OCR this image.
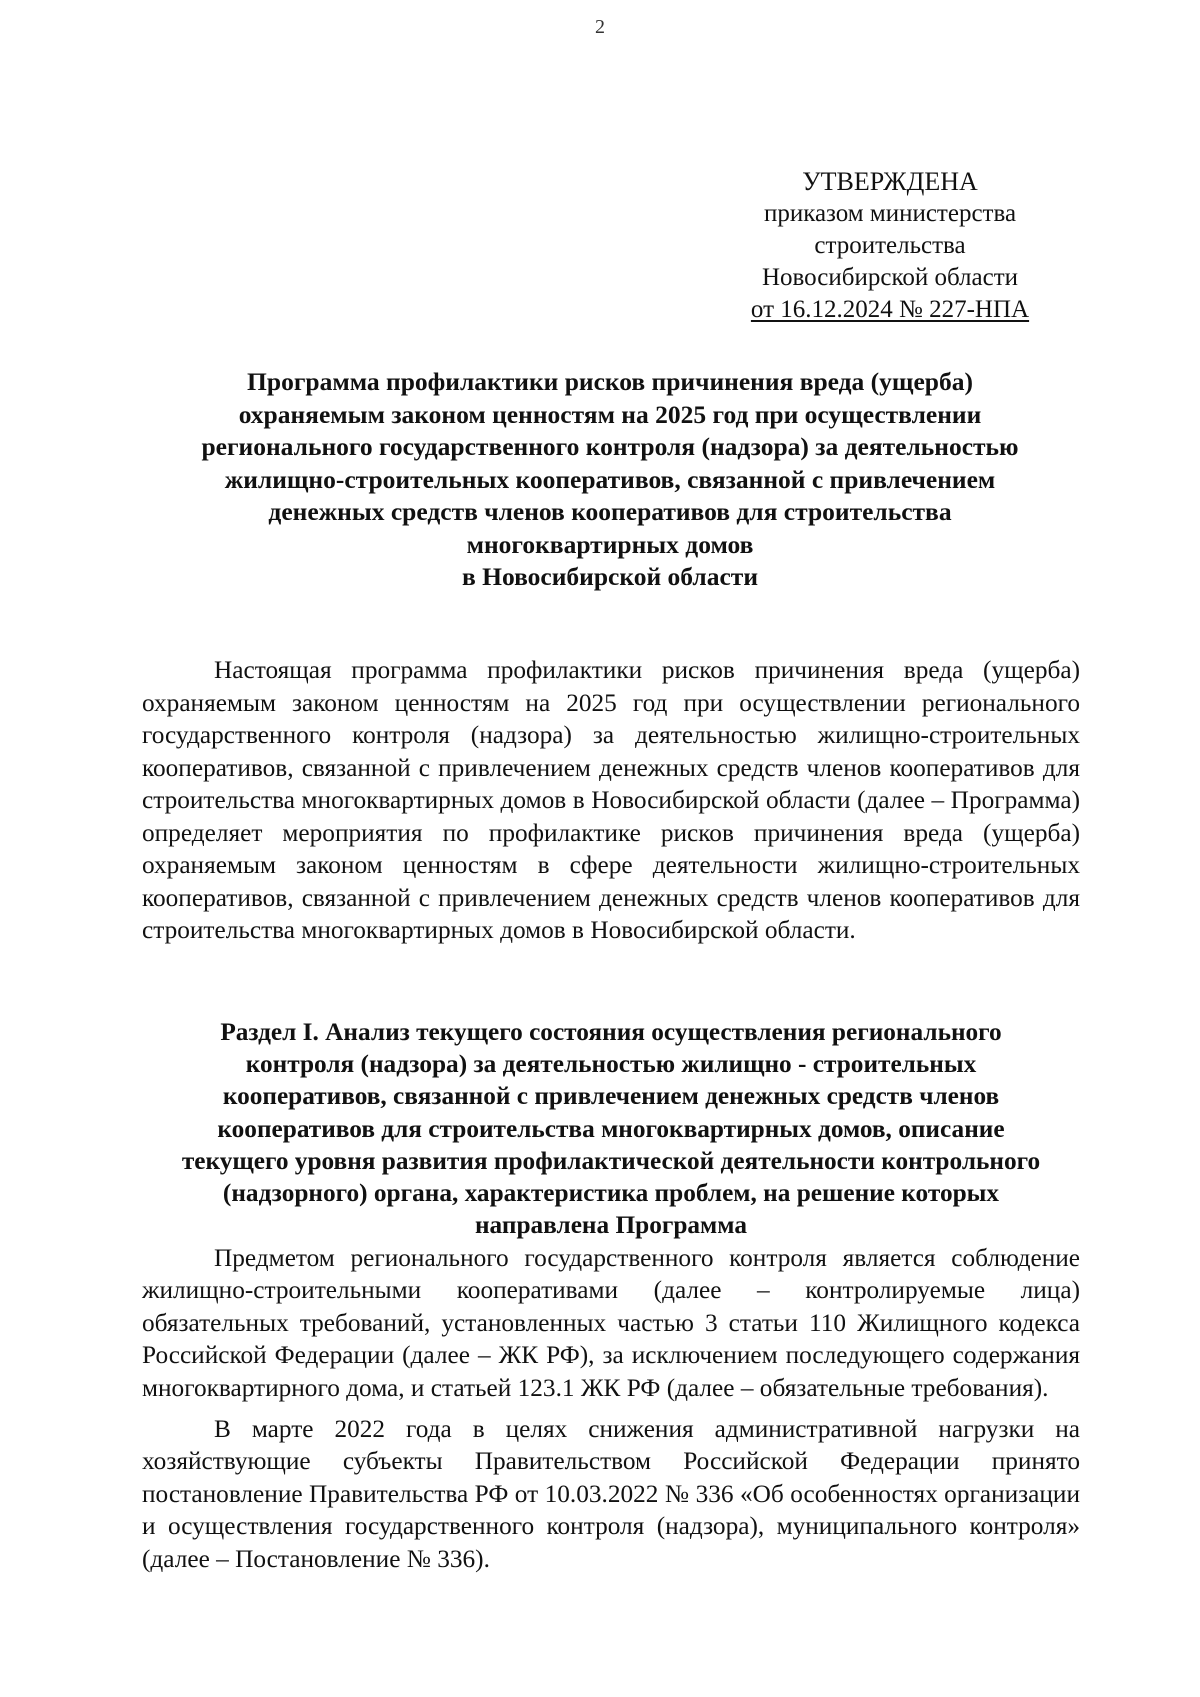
2
УТВЕРЖДЕНА
приказом министерства
строительства
Новосибирской области
от 16.12.2024 № 227-НПА
Программа профилактики рисков причинения вреда (ущерба)
охраняемым законом ценностям на 2025 год при осуществлении
регионального государственного контроля (надзора) за деятельностью
жилищно-строительных кооперативов, связанной с привлечением
денежных средств членов кооперативов для строительства
многоквартирных домов
в Новосибирской области

Настоящая программа профилактики рисков причинения вреда (ущерба) охраняемым законом ценностям на 2025 год при осуществлении регионального государственного контроля (надзора) за деятельностью жилищно-строительных кооперативов, связанной с привлечением денежных средств членов кооперативов для строительства многоквартирных домов в Новосибирской области (далее – Программа) определяет мероприятия по профилактике рисков причинения вреда (ущерба) охраняемым законом ценностям в сфере деятельности жилищно-строительных кооперативов, связанной с привлечением денежных средств членов кооперативов для строительства многоквартирных домов в Новосибирской области.

Раздел I. Анализ текущего состояния осуществления регионального
контроля (надзора) за деятельностью жилищно - строительных
кооперативов, связанной с привлечением денежных средств членов
кооперативов для строительства многоквартирных домов, описание
текущего уровня развития профилактической деятельности контрольного
(надзорного) органа, характеристика проблем, на решение которых
направлена Программа

Предметом регионального государственного контроля является соблюдение жилищно-строительными кооперативами (далее – контролируемые лица) обязательных требований, установленных частью 3 статьи 110 Жилищного кодекса Российской Федерации (далее – ЖК РФ), за исключением последующего содержания многоквартирного дома, и статьей 123.1 ЖК РФ (далее – обязательные требования).

В марте 2022 года в целях снижения административной нагрузки на хозяйствующие субъекты Правительством Российской Федерации принято постановление Правительства РФ от 10.03.2022 № 336 «Об особенностях организации и осуществления государственного контроля (надзора), муниципального контроля» (далее – Постановление № 336).
